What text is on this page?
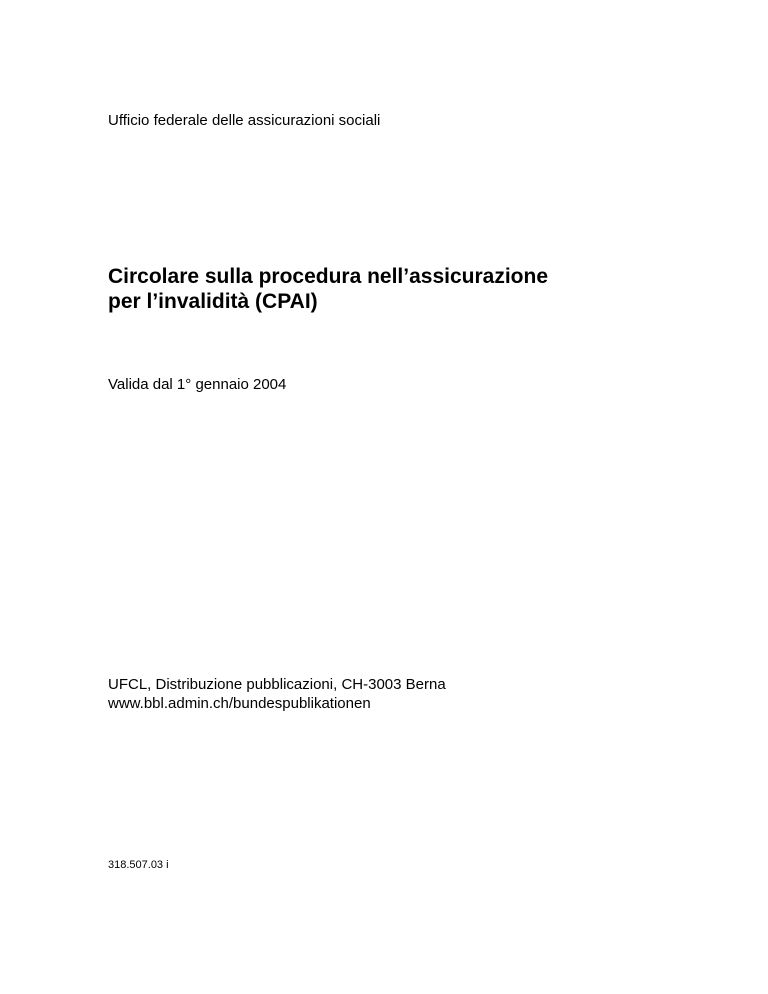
Ufficio federale delle assicurazioni sociali

Circolare sulla procedura nell’assicurazione
per l’invalidità (CPAI)

Valida dal 1° gennaio 2004

UFCL, Distribuzione pubblicazioni, CH-3003 Berna
www.bbl.admin.ch/bundespublikationen

318.507.03 i
